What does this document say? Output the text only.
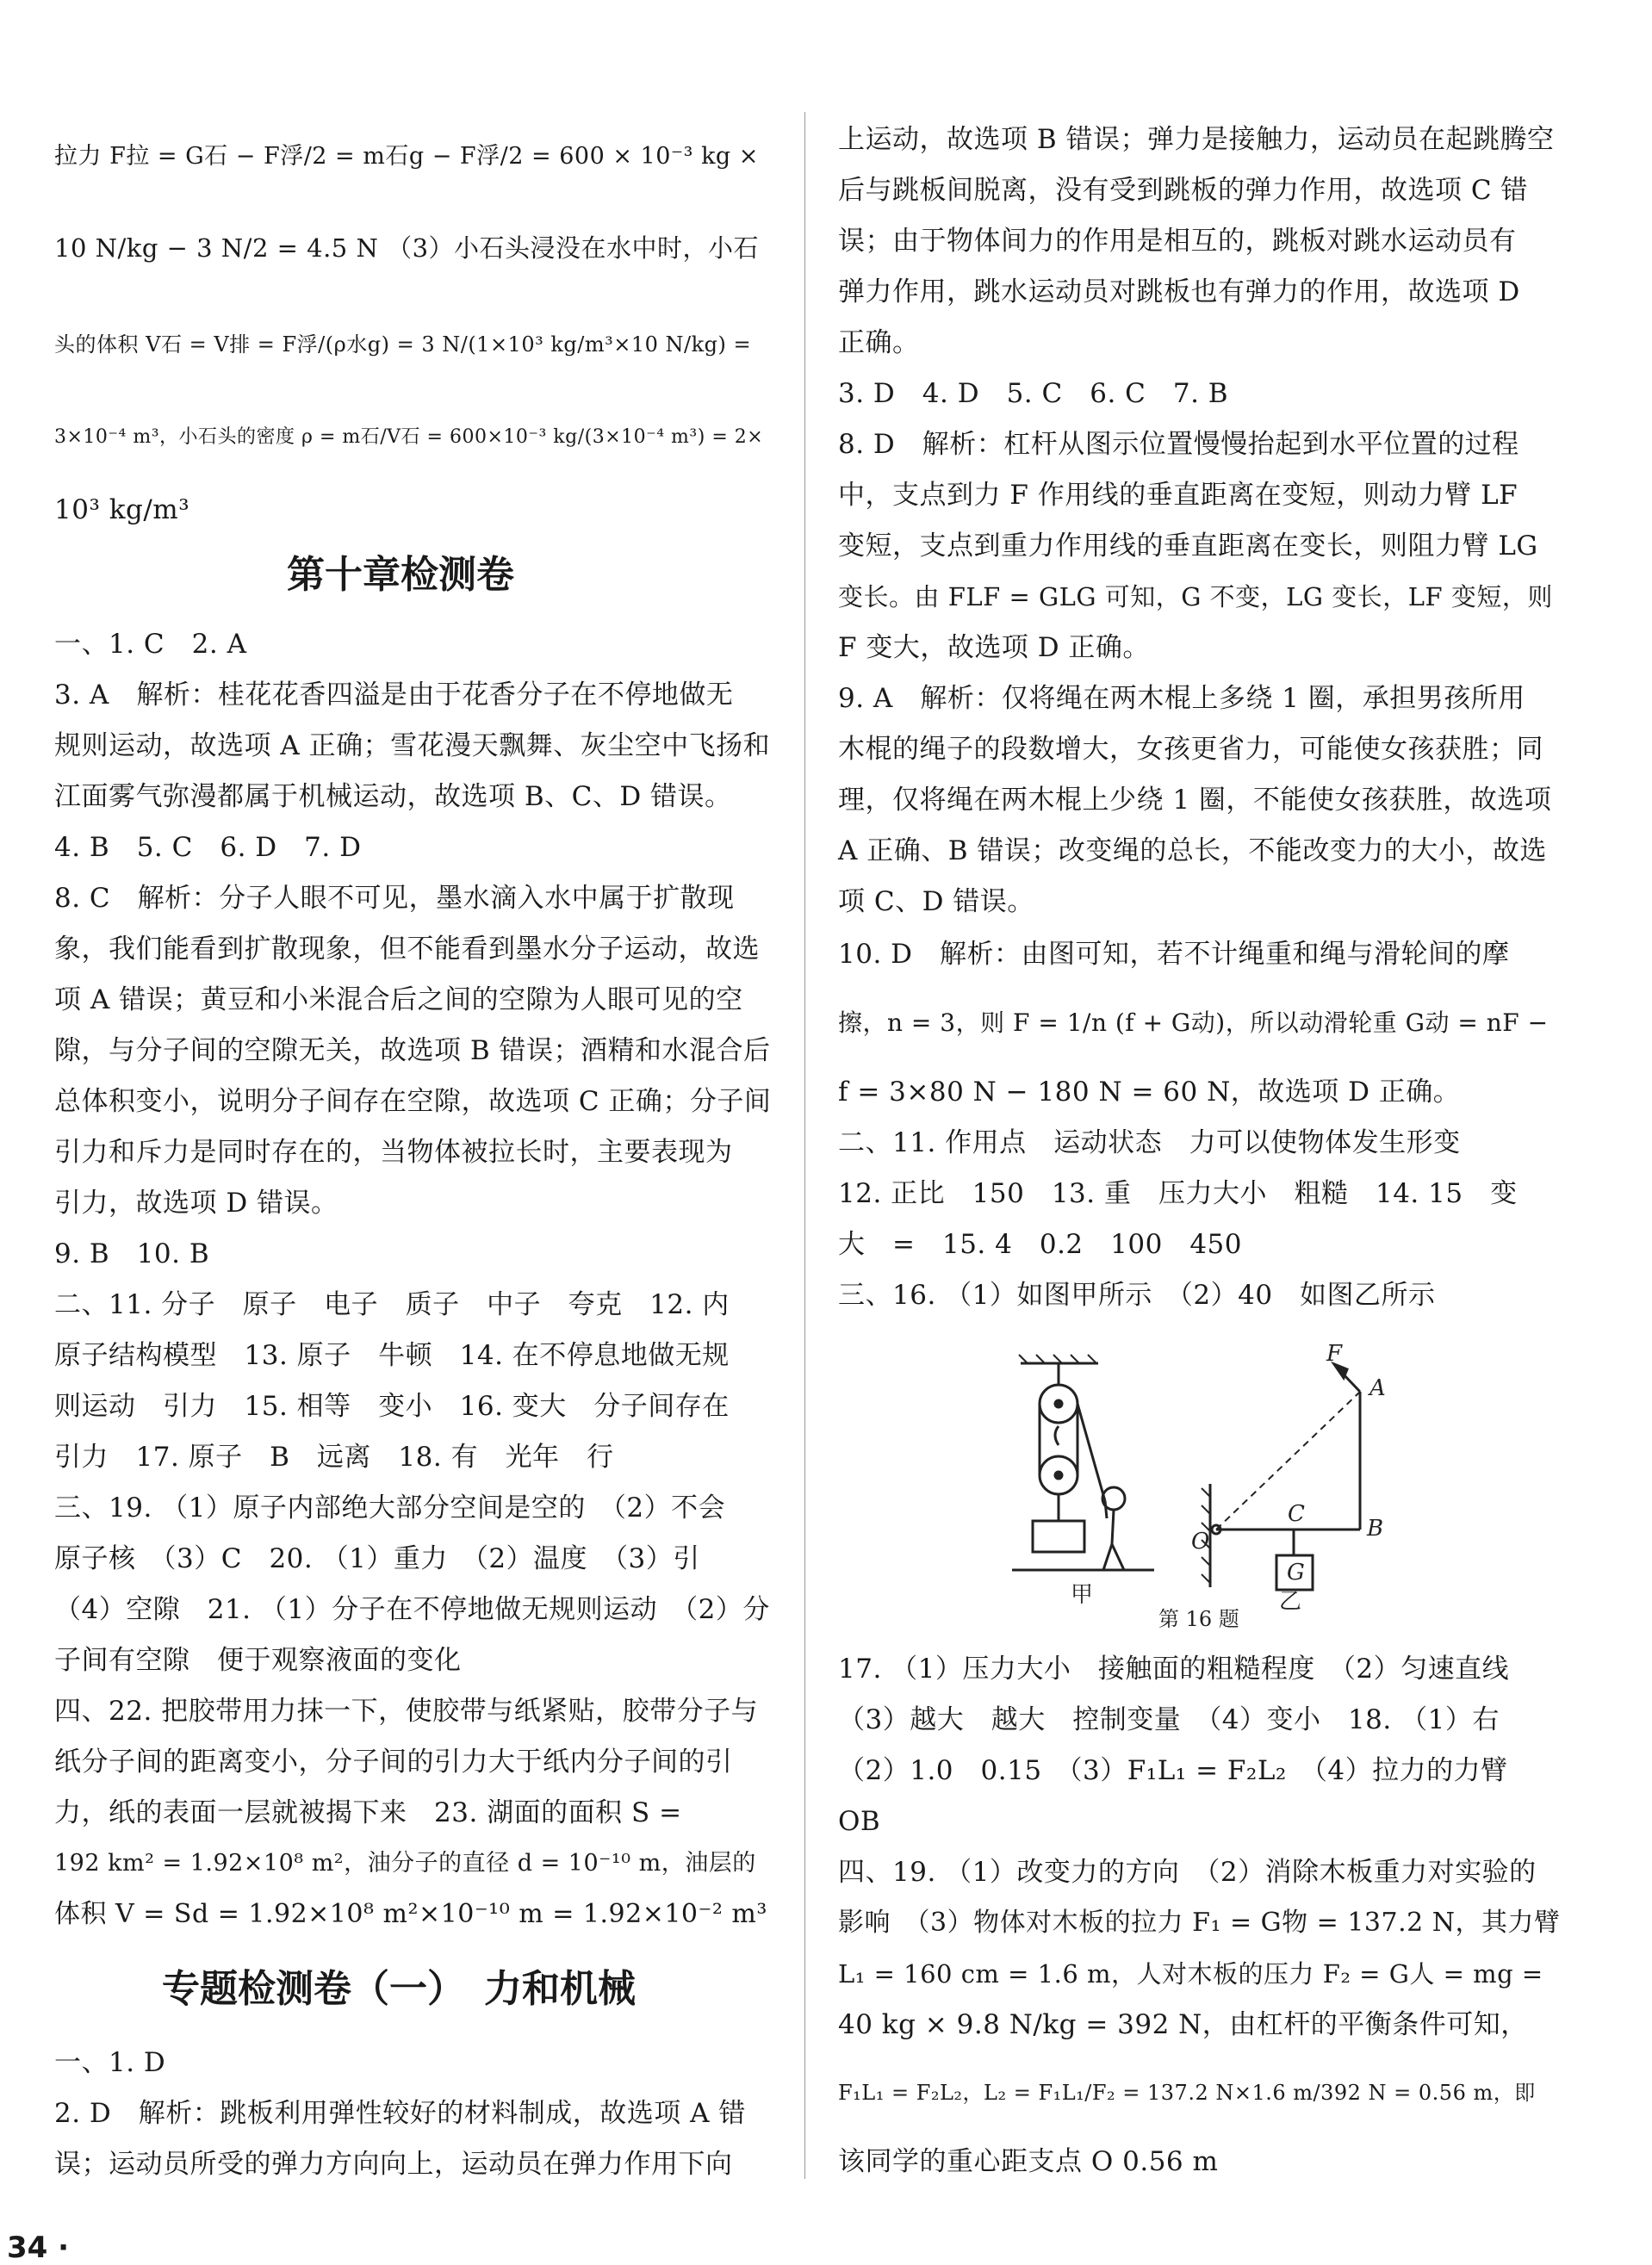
拉力 F拉 = G石 − F浮/2 = m石g − F浮/2 = 600 × 10⁻³ kg ×
10 N/kg − 3 N/2 = 4.5 N （3）小石头浸没在水中时，小石
头的体积 V石 = V排 = F浮/(ρ水g) = 3 N/(1×10³ kg/m³×10 N/kg) =
3×10⁻⁴ m³，小石头的密度 ρ = m石/V石 = 600×10⁻³ kg/(3×10⁻⁴ m³) = 2×
10³ kg/m³
第十章检测卷
一、1. C　2. A
3. A　解析：桂花花香四溢是由于花香分子在不停地做无
规则运动，故选项 A 正确；雪花漫天飘舞、灰尘空中飞扬和
江面雾气弥漫都属于机械运动，故选项 B、C、D 错误。
4. B　5. C　6. D　7. D
8. C　解析：分子人眼不可见，墨水滴入水中属于扩散现
象，我们能看到扩散现象，但不能看到墨水分子运动，故选
项 A 错误；黄豆和小米混合后之间的空隙为人眼可见的空
隙，与分子间的空隙无关，故选项 B 错误；酒精和水混合后
总体积变小，说明分子间存在空隙，故选项 C 正确；分子间
引力和斥力是同时存在的，当物体被拉长时，主要表现为
引力，故选项 D 错误。
9. B　10. B
二、11. 分子　原子　电子　质子　中子　夸克　12. 内
原子结构模型　13. 原子　牛顿　14. 在不停息地做无规
则运动　引力　15. 相等　变小　16. 变大　分子间存在
引力　17. 原子　B　远离　18. 有　光年　行
三、19. （1）原子内部绝大部分空间是空的　（2）不会
原子核　（3）C　20. （1）重力　（2）温度　（3）引
（4）空隙　21. （1）分子在不停地做无规则运动　（2）分
子间有空隙　便于观察液面的变化
四、22. 把胶带用力抹一下，使胶带与纸紧贴，胶带分子与
纸分子间的距离变小，分子间的引力大于纸内分子间的引
力，纸的表面一层就被揭下来　23. 湖面的面积 S =
192 km² = 1.92×10⁸ m²，油分子的直径 d = 10⁻¹⁰ m，油层的
体积 V = Sd = 1.92×10⁸ m²×10⁻¹⁰ m = 1.92×10⁻² m³
专题检测卷（一）　力和机械
一、1. D
2. D　解析：跳板利用弹性较好的材料制成，故选项 A 错
误；运动员所受的弹力方向向上，运动员在弹力作用下向
上运动，故选项 B 错误；弹力是接触力，运动员在起跳腾空
后与跳板间脱离，没有受到跳板的弹力作用，故选项 C 错
误；由于物体间力的作用是相互的，跳板对跳水运动员有
弹力作用，跳水运动员对跳板也有弹力的作用，故选项 D
正确。
3. D　4. D　5. C　6. C　7. B
8. D　解析：杠杆从图示位置慢慢抬起到水平位置的过程
中，支点到力 F 作用线的垂直距离在变短，则动力臂 LF
变短，支点到重力作用线的垂直距离在变长，则阻力臂 LG
变长。由 FLF = GLG 可知，G 不变，LG 变长，LF 变短，则
F 变大，故选项 D 正确。
9. A　解析：仅将绳在两木棍上多绕 1 圈，承担男孩所用
木棍的绳子的段数增大，女孩更省力，可能使女孩获胜；同
理，仅将绳在两木棍上少绕 1 圈，不能使女孩获胜，故选项
A 正确、B 错误；改变绳的总长，不能改变力的大小，故选
项 C、D 错误。
10. D　解析：由图可知，若不计绳重和绳与滑轮间的摩
擦，n = 3，则 F = 1/n (f + G动)，所以动滑轮重 G动 = nF −
f = 3×80 N − 180 N = 60 N，故选项 D 正确。
二、11. 作用点　运动状态　力可以使物体发生形变
12. 正比　150　13. 重　压力大小　粗糙　14. 15　变
大　=　15. 4　0.2　100　450
三、16. （1）如图甲所示　（2）40　如图乙所示
17. （1）压力大小　接触面的粗糙程度　（2）匀速直线
（3）越大　越大　控制变量　（4）变小　18. （1）右
（2）1.0　0.15　（3）F₁L₁ = F₂L₂　（4）拉力的力臂
OB
四、19. （1）改变力的方向　（2）消除木板重力对实验的
影响　（3）物体对木板的拉力 F₁ = G物 = 137.2 N，其力臂
L₁ = 160 cm = 1.6 m，人对木板的压力 F₂ = G人 = mg =
40 kg × 9.8 N/kg = 392 N，由杠杆的平衡条件可知，
F₁L₁ = F₂L₂，L₂ = F₁L₁/F₂ = 137.2 N×1.6 m/392 N = 0.56 m，即
该同学的重心距支点 O 0.56 m
F
A
C
B
O
G
甲	乙
第 16 题
34 ·
